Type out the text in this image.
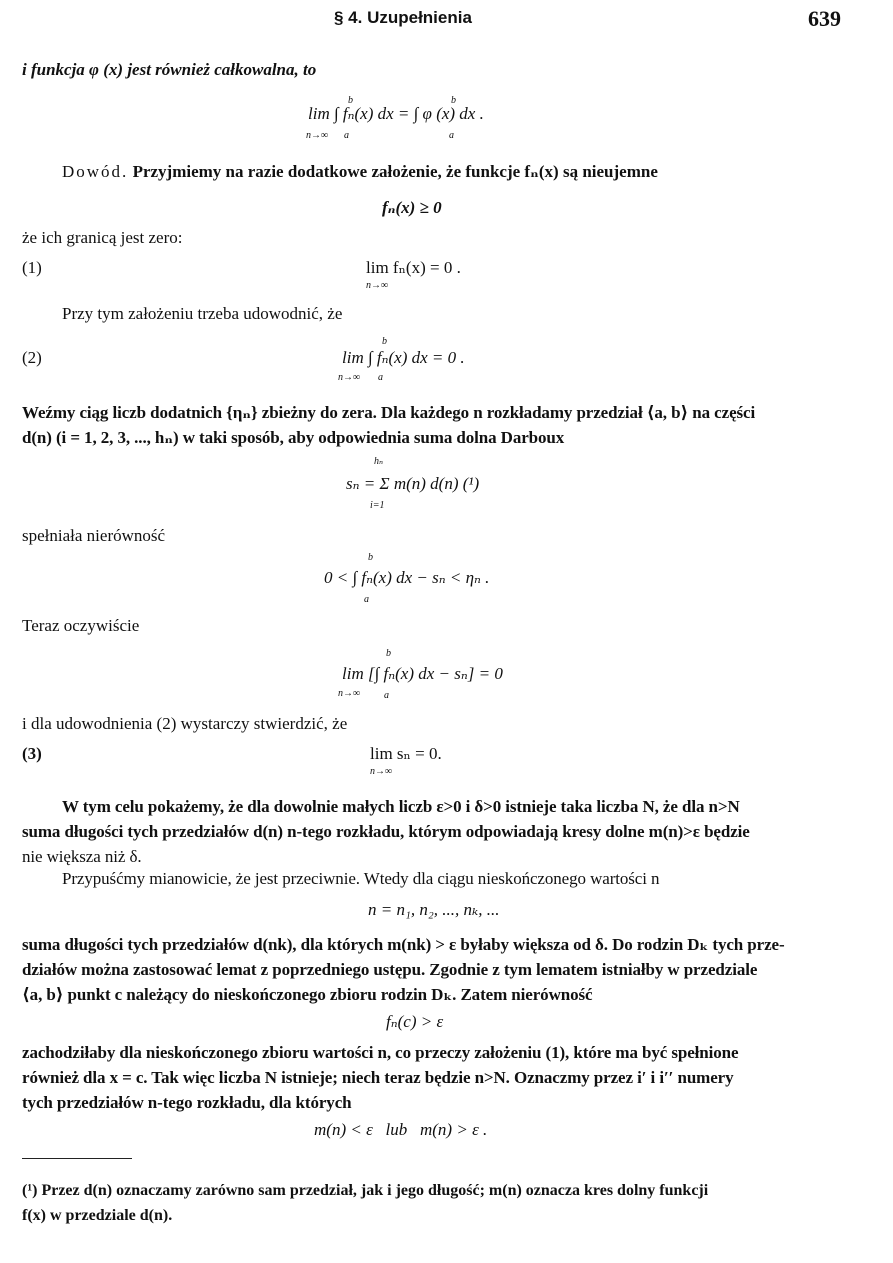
§ 4. Uzupełnienia	639
i funkcja φ (x) jest również całkowalna, to
lim ∫ fₙ(x) dx = ∫ φ (x) dx .
n→∞
b
a
b
a
Dowód. Przyjmiemy na razie dodatkowe założenie, że funkcje fₙ(x) są nieujemne
fₙ(x) ≥ 0
że ich granicą jest zero:
(1)	lim fₙ(x) = 0 .
n→∞
Przy tym założeniu trzeba udowodnić, że
(2)	lim ∫ fₙ(x) dx = 0 .
n→∞
b
a
Weźmy ciąg liczb dodatnich {ηₙ} zbieżny do zera. Dla każdego n rozkładamy przedział ⟨a, b⟩ na części
d(n) (i = 1, 2, 3, ..., hₙ) w taki sposób, aby odpowiednia suma dolna Darboux
sₙ = Σ m(n) d(n) (¹)
hₙ
i=1
spełniała nierówność
0 < ∫ fₙ(x) dx − sₙ < ηₙ .
b
a
Teraz oczywiście
lim [∫ fₙ(x) dx − sₙ] = 0
n→∞
b
a
i dla udowodnienia (2) wystarczy stwierdzić, że
(3)	lim sₙ = 0.
n→∞
W tym celu pokażemy, że dla dowolnie małych liczb ε>0 i δ>0 istnieje taka liczba N, że dla n>N
suma długości tych przedziałów d(n) n-tego rozkładu, którym odpowiadają kresy dolne m(n)>ε będzie
nie większa niż δ.
Przypuśćmy mianowicie, że jest przeciwnie. Wtedy dla ciągu nieskończonego wartości n
n = n₁, n₂, ..., nₖ, ...
suma długości tych przedziałów d(nk), dla których m(nk) > ε byłaby większa od δ. Do rodzin Dₖ tych prze-
działów można zastosować lemat z poprzedniego ustępu. Zgodnie z tym lematem istniałby w przedziale
⟨a, b⟩ punkt c należący do nieskończonego zbioru rodzin Dₖ. Zatem nierówność
fₙ(c) > ε
zachodziłaby dla nieskończonego zbioru wartości n, co przeczy założeniu (1), które ma być spełnione
również dla x = c. Tak więc liczba N istnieje; niech teraz będzie n>N. Oznaczmy przez i′ i i′′ numery
tych przedziałów n-tego rozkładu, dla których
m(n) < ε   lub   m(n) > ε .
(¹) Przez d(n) oznaczamy zarówno sam przedział, jak i jego długość; m(n) oznacza kres dolny funkcji
f(x) w przedziale d(n).
